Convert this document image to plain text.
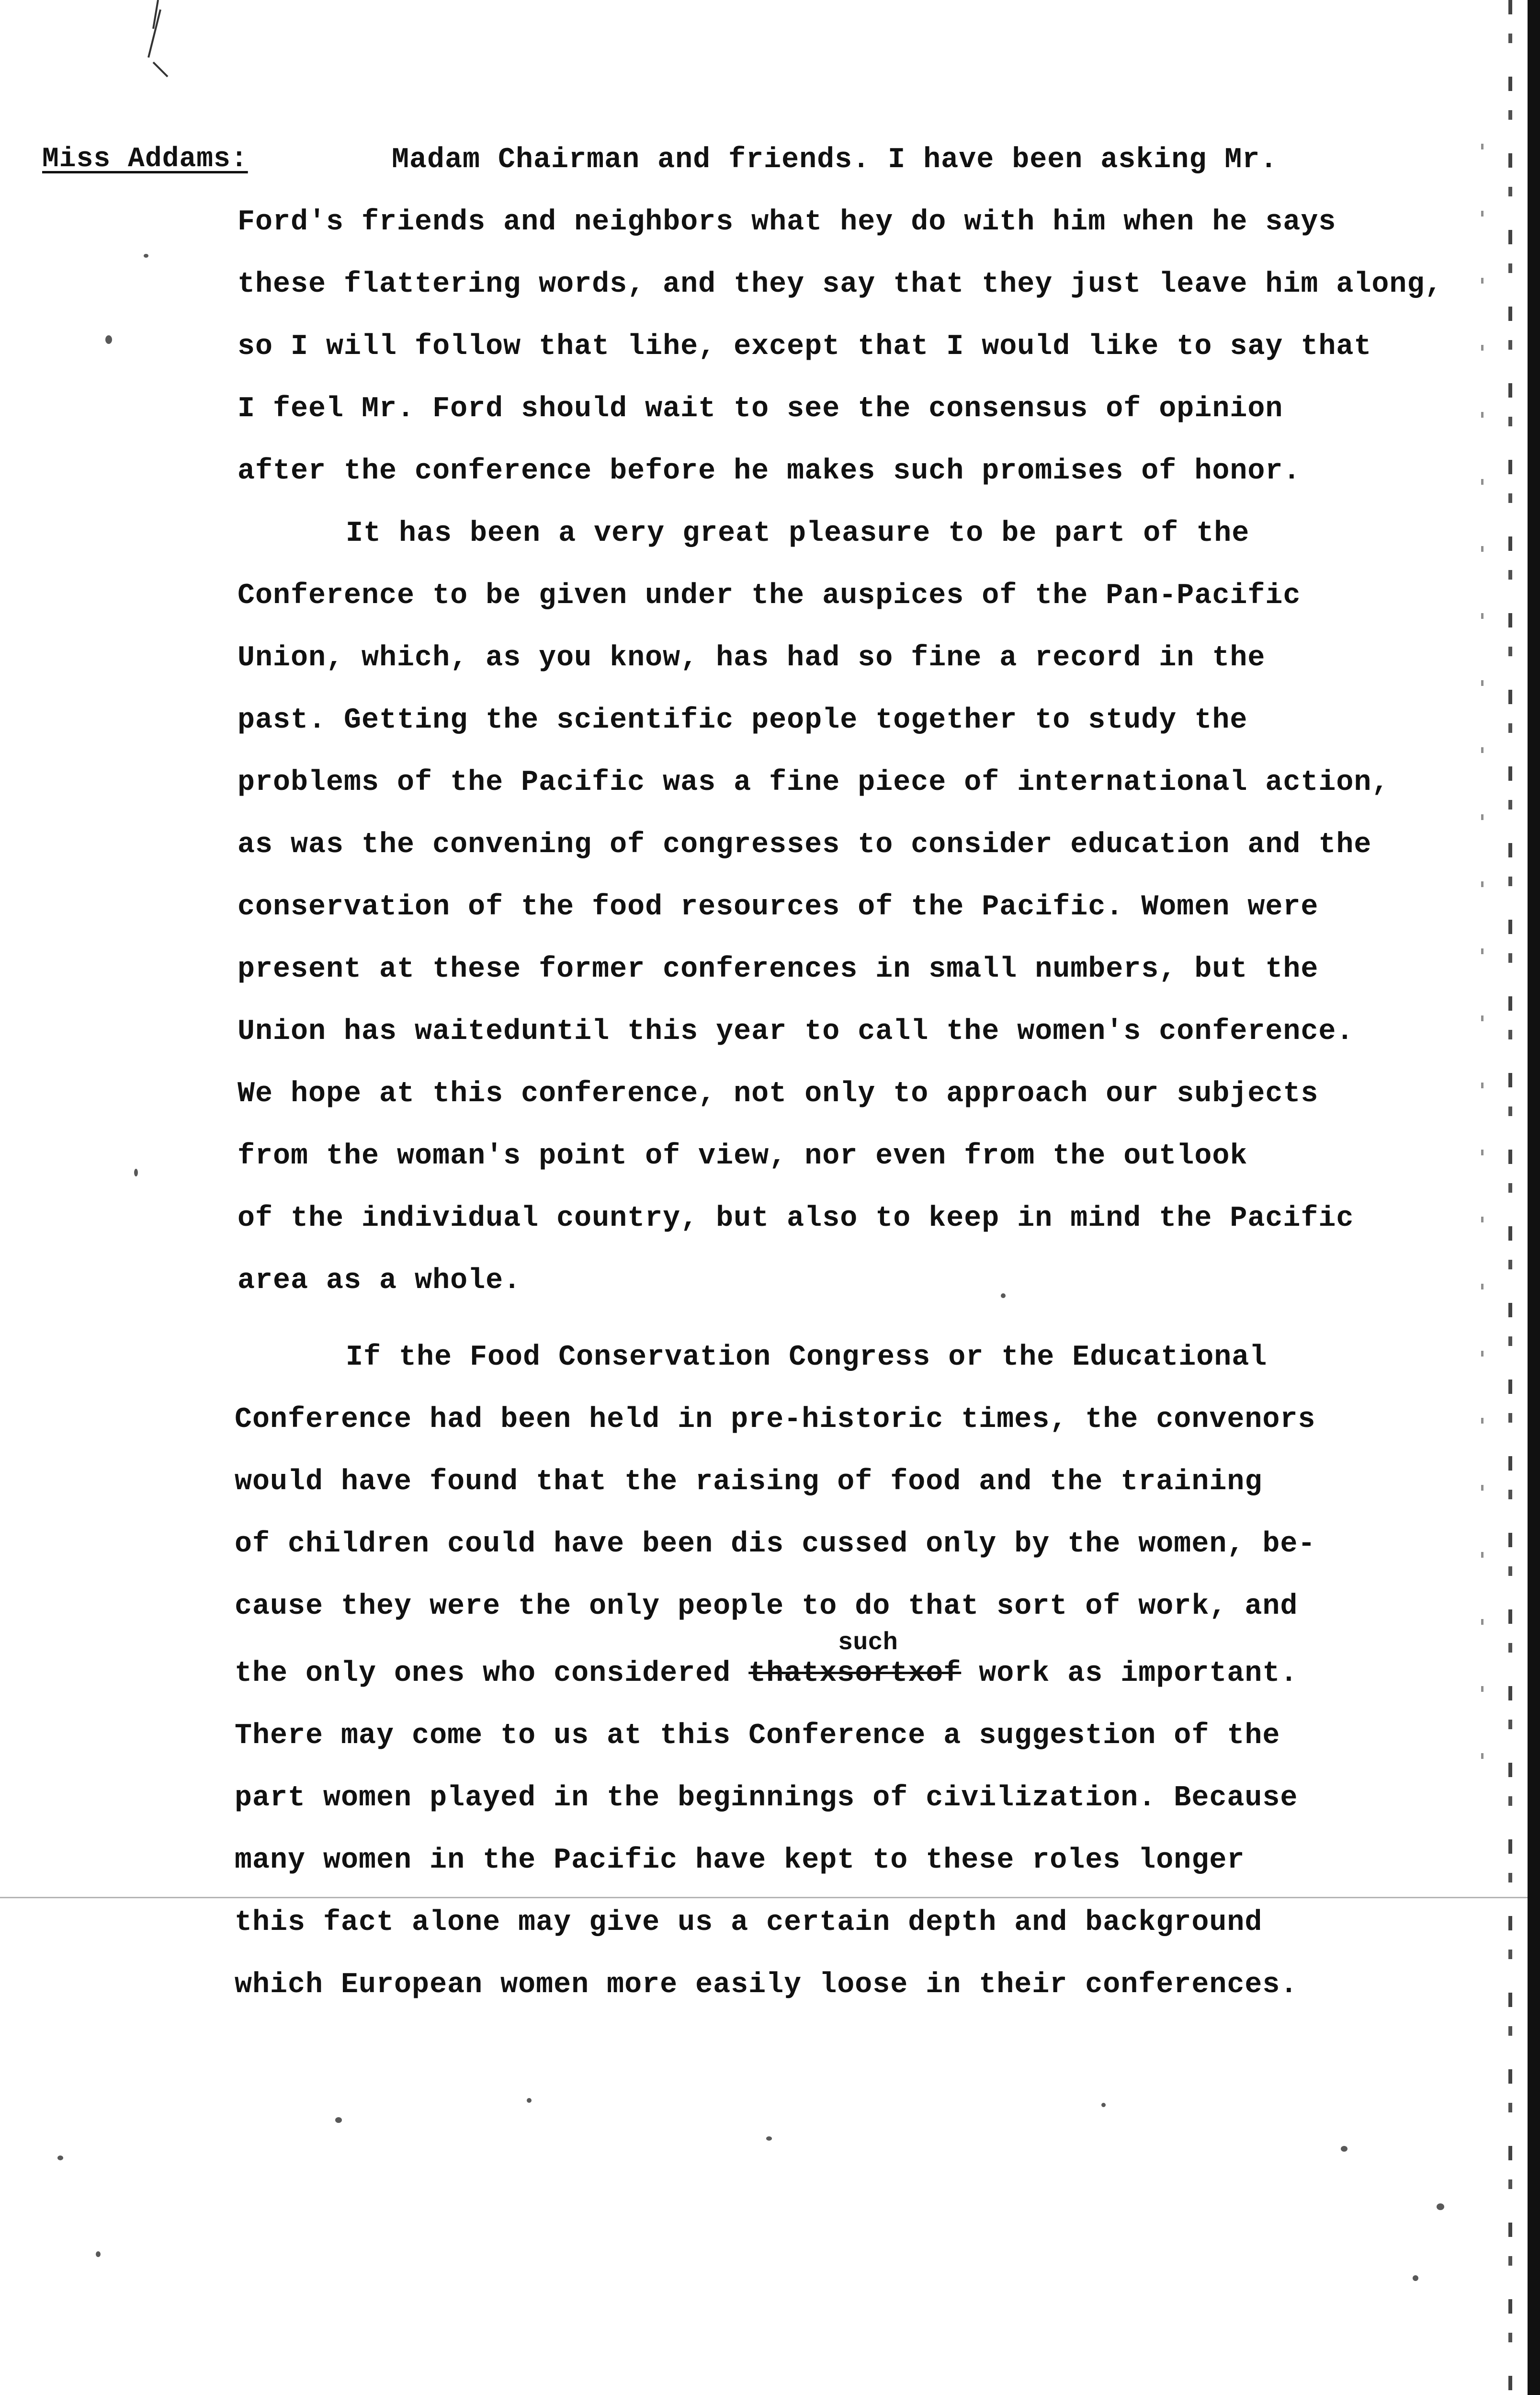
Miss Addams:	Madam Chairman and friends. I have been asking Mr.
Ford's friends and neighbors what hey do with him when he says
these flattering words, and they say that they just leave him along,
so I will follow that lihe, except that I would like to say that
I feel Mr. Ford should wait to see the consensus of opinion
after the conference before he makes such promises of honor.
It has been a very great pleasure to be part of the
Conference to be given under the auspices of the Pan-Pacific
Union, which, as you know, has had so fine a record in the
past. Getting the scientific people together to study the
problems of the Pacific was a fine piece of international action,
as was the convening of congresses to consider education and the
conservation of the food resources of the Pacific. Women were
present at these former conferences in small numbers, but the
Union has waiteduntil this year to call the women's conference.
We hope at this conference, not only to approach our subjects
from the woman's point of view, nor even from the outlook
of the individual country, but also to keep in mind the Pacific
area as a whole.
If the Food Conservation Congress or the Educational
Conference had been held in pre-historic times, the convenors
would have found that the raising of food and the training
of children could have been dis cussed only by the women, be-
cause they were the only people to do that sort of work, and
such
the only ones who considered thatxsortxof work as important.
There may come to us at this Conference a suggestion of the
part women played in the beginnings of civilization. Because
many women in the Pacific have kept to these roles longer
this fact alone may give us a certain depth and background
which European women more easily loose in their conferences.
